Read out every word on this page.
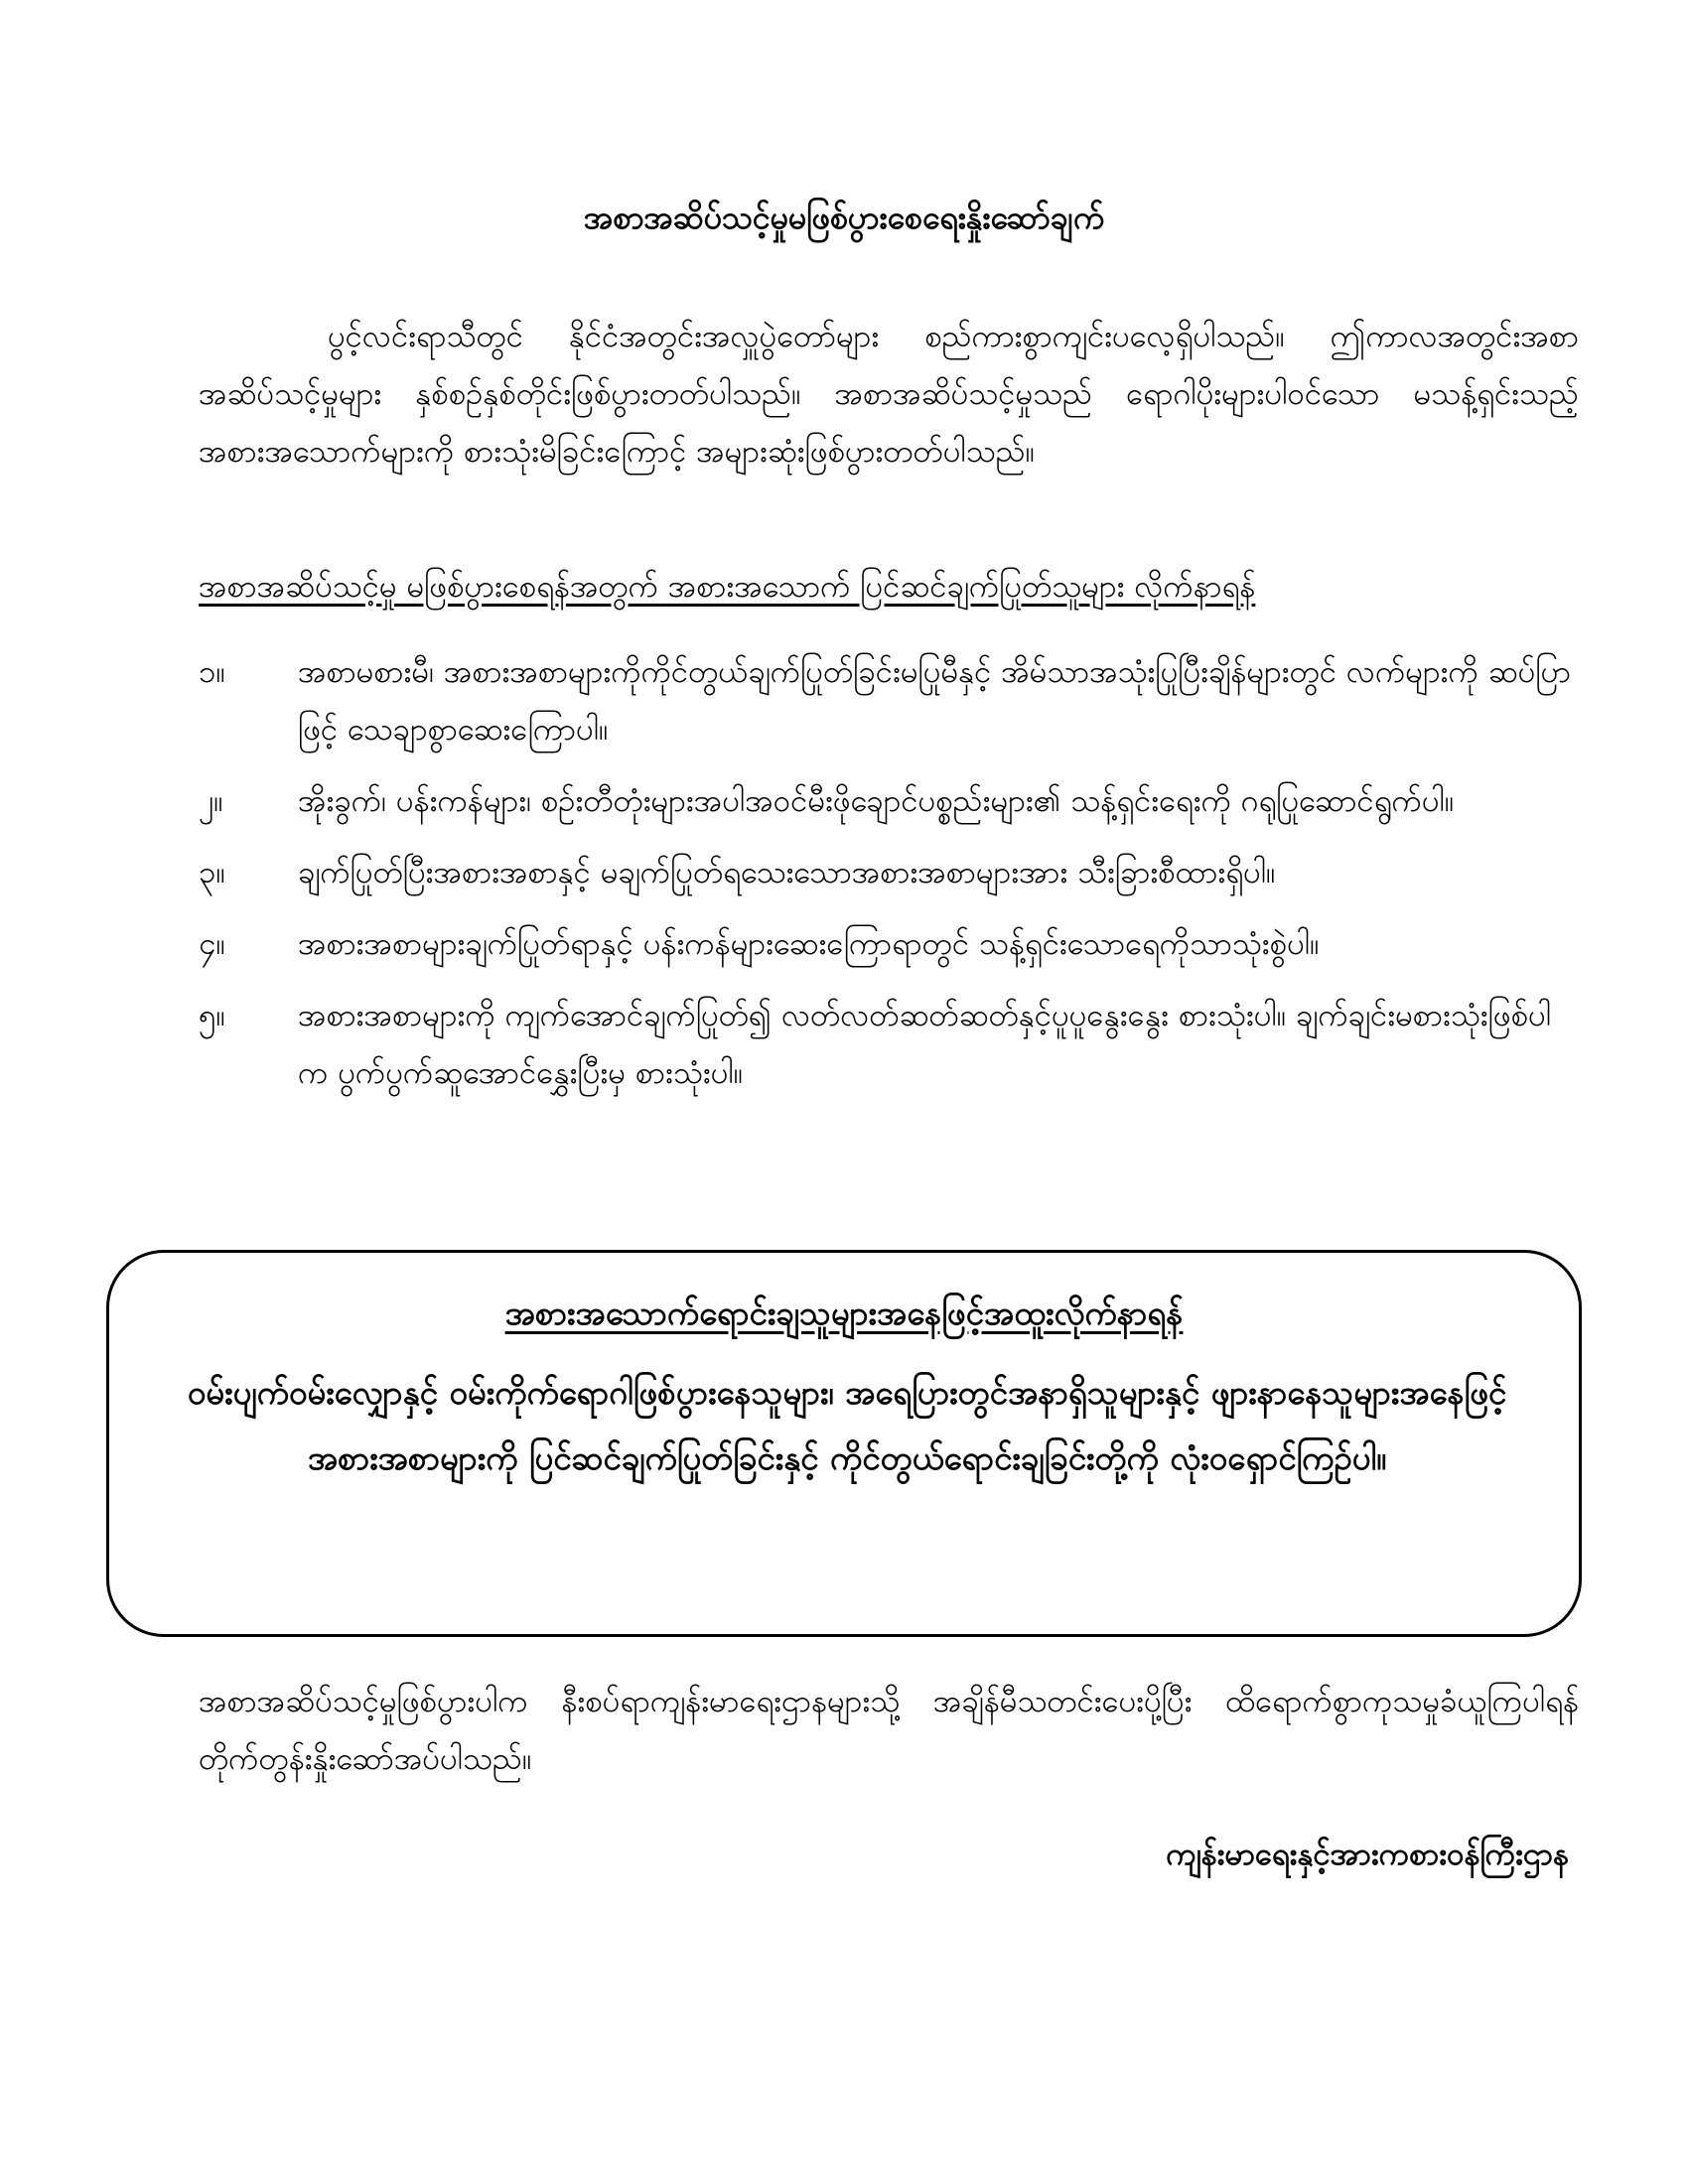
အစာအဆိပ်သင့်မှုမဖြစ်ပွားစေရေးနှိုးဆော်ချက်
ပွင့်လင်းရာသီတွင် နိုင်ငံအတွင်းအလှူပွဲတော်များ စည်ကားစွာကျင်းပလေ့ရှိပါသည်။ ဤကာလအတွင်းအစာအဆိပ်သင့်မှုများ နှစ်စဉ်နှစ်တိုင်းဖြစ်ပွားတတ်ပါသည်။ အစာအဆိပ်သင့်မှုသည် ရောဂါပိုးများပါဝင်သော မသန့်ရှင်းသည့်အစားအသောက်များကို စားသုံးမိခြင်းကြောင့် အများဆုံးဖြစ်ပွားတတ်ပါသည်။
အစာအဆိပ်သင့်မှု မဖြစ်ပွားစေရန်အတွက် အစားအသောက် ပြင်ဆင်ချက်ပြုတ်သူများ လိုက်နာရန်
၁။	အစာမစားမီ၊ အစားအစာများကိုကိုင်တွယ်ချက်ပြုတ်ခြင်းမပြုမီနှင့် အိမ်သာအသုံးပြုပြီးချိန်များတွင် လက်များကို ဆပ်ပြာဖြင့် သေချာစွာဆေးကြောပါ။
၂။	အိုးခွက်၊ ပန်းကန်များ၊ စဉ်းတီတုံးများအပါအဝင်မီးဖိုချောင်ပစ္စည်းများ၏ သန့်ရှင်းရေးကို ဂရုပြုဆောင်ရွက်ပါ။
၃။	ချက်ပြုတ်ပြီးအစားအစာနှင့် မချက်ပြုတ်ရသေးသောအစားအစာများအား သီးခြားစီထားရှိပါ။
၄။	အစားအစာများချက်ပြုတ်ရာနှင့် ပန်းကန်များဆေးကြောရာတွင် သန့်ရှင်းသောရေကိုသာသုံးစွဲပါ။
၅။	အစားအစာများကို ကျက်အောင်ချက်ပြုတ်၍ လတ်လတ်ဆတ်ဆတ်နှင့်ပူပူနွေးနွေး စားသုံးပါ။ ချက်ချင်းမစားသုံးဖြစ်ပါက ပွက်ပွက်ဆူအောင်နွှေးပြီးမှ စားသုံးပါ။
အစားအသောက်ရောင်းချသူများအနေဖြင့်အထူးလိုက်နာရန်
ဝမ်းပျက်ဝမ်းလျှောနှင့် ဝမ်းကိုက်ရောဂါဖြစ်ပွားနေသူများ၊ အရေပြားတွင်အနာရှိသူများနှင့် ဖျားနာနေသူများအနေဖြင့် အစားအစာများကို ပြင်ဆင်ချက်ပြုတ်ခြင်းနှင့် ကိုင်တွယ်ရောင်းချခြင်းတို့ကို လုံးဝရှောင်ကြဉ်ပါ။
အစာအဆိပ်သင့်မှုဖြစ်ပွားပါက နီးစပ်ရာကျန်းမာရေးဌာနများသို့ အချိန်မီသတင်းပေးပို့ပြီး ထိရောက်စွာကုသမှုခံယူကြပါရန် တိုက်တွန်းနှိုးဆော်အပ်ပါသည်။
ကျန်းမာရေးနှင့်အားကစားဝန်ကြီးဌာန
